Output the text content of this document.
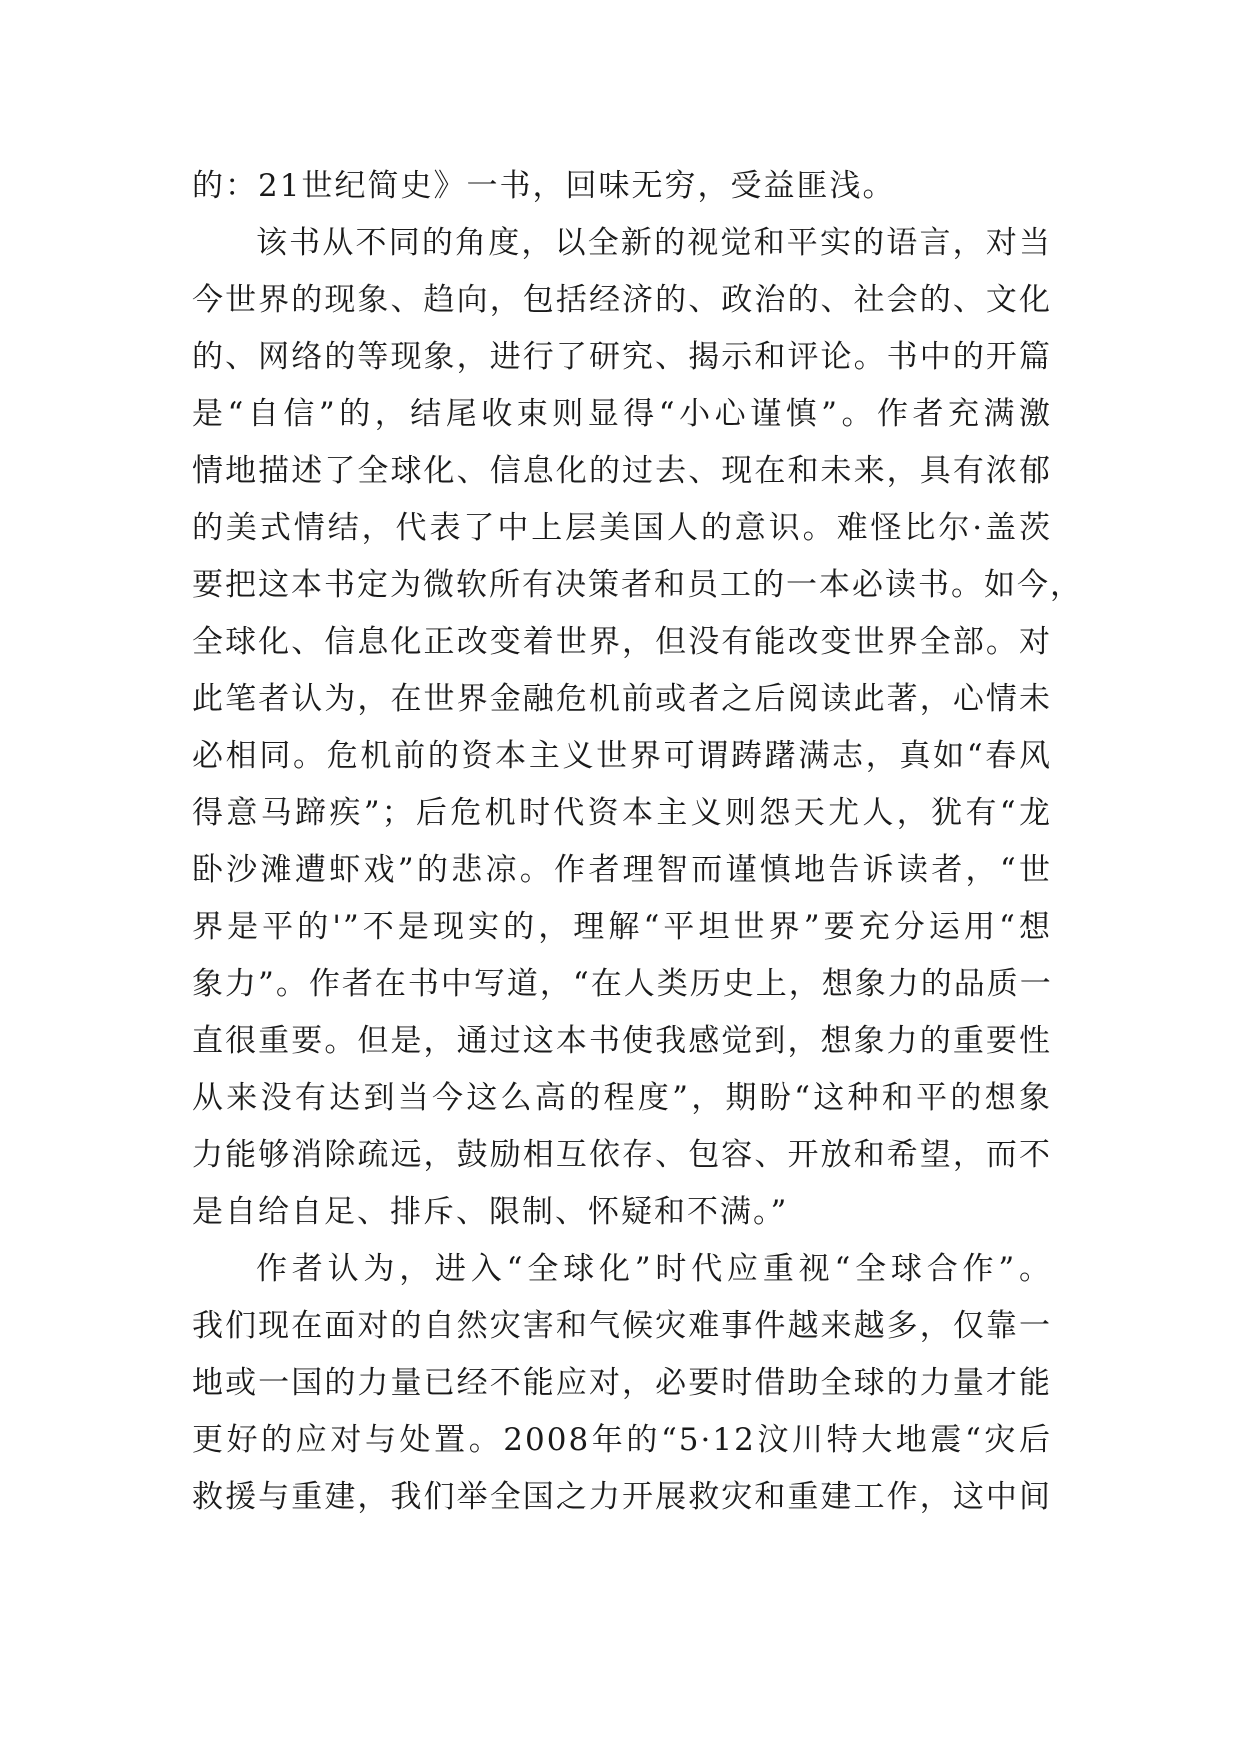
的：21世纪简史》一书，回味无穷，受益匪浅。
该书从不同的角度，以全新的视觉和平实的语言，对当
今世界的现象、趋向，包括经济的、政治的、社会的、文化
的、网络的等现象，进行了研究、揭示和评论。书中的开篇
是“自信”的，结尾收束则显得“小心谨慎”。作者充满激
情地描述了全球化、信息化的过去、现在和未来，具有浓郁
的美式情结，代表了中上层美国人的意识。难怪比尔·盖茨
要把这本书定为微软所有决策者和员工的一本必读书。如今，
全球化、信息化正改变着世界，但没有能改变世界全部。对
此笔者认为，在世界金融危机前或者之后阅读此著，心情未
必相同。危机前的资本主义世界可谓踌躇满志，真如“春风
得意马蹄疾”；后危机时代资本主义则怨天尤人，犹有“龙
卧沙滩遭虾戏”的悲凉。作者理智而谨慎地告诉读者，“世
界是平的'”不是现实的，理解“平坦世界”要充分运用“想
象力”。作者在书中写道，“在人类历史上，想象力的品质一
直很重要。但是，通过这本书使我感觉到，想象力的重要性
从来没有达到当今这么高的程度”，期盼“这种和平的想象
力能够消除疏远，鼓励相互依存、包容、开放和希望，而不
是自给自足、排斥、限制、怀疑和不满。”
作者认为，进入“全球化”时代应重视“全球合作”。
我们现在面对的自然灾害和气候灾难事件越来越多，仅靠一
地或一国的力量已经不能应对，必要时借助全球的力量才能
更好的应对与处置。2008年的“5·12汶川特大地震“灾后
救援与重建，我们举全国之力开展救灾和重建工作，这中间
